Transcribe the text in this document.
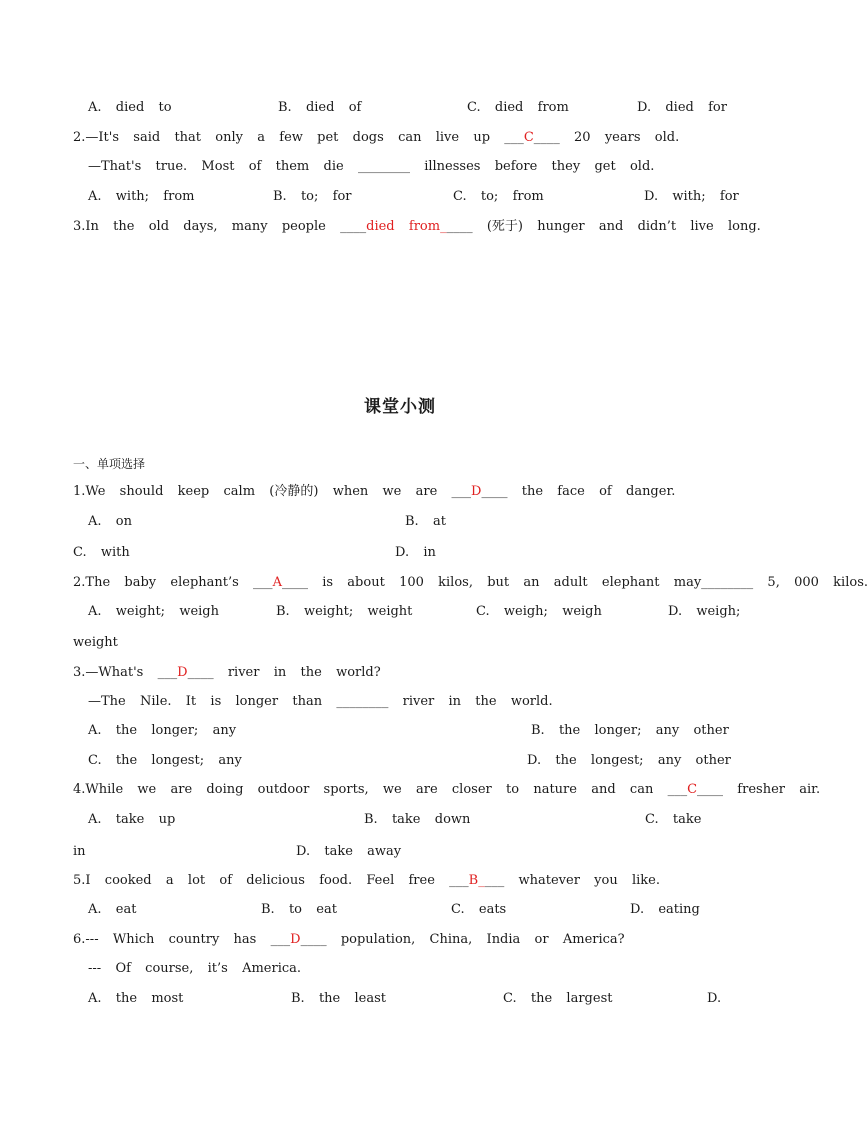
A.  died  to	B.  died  of	C.  died  from	D.  died  for
2.—It's  said  that  only  a  few  pet  dogs  can  live  up  ___C____  20  years  old.
—That's  true.  Most  of  them  die  ________  illnesses  before  they  get  old.
A.  with;  from	B.  to;  for	C.  to;  from	D.  with;  for
3.In  the  old  days,  many  people  ____died  from_____  (死于)  hunger  and  didn’t  live  long.
课堂小测
一、单项选择
1.We  should  keep  calm  (冷静的)  when  we  are  ___D____  the  face  of  danger.
A.  on	B.  at
C.  with	D.  in
2.The  baby  elephant’s  ___A____  is  about  100  kilos,  but  an  adult  elephant  may________  5,  000  kilos.
A.  weight;  weigh	B.  weight;  weight	C.  weigh;  weigh	D.  weigh;
weight
3.—What's  ___D____  river  in  the  world?
—The  Nile.  It  is  longer  than  ________  river  in  the  world.
A.  the  longer;  any	B.  the  longer;  any  other
C.  the  longest;  any	D.  the  longest;  any  other
4.While  we  are  doing  outdoor  sports,  we  are  closer  to  nature  and  can  ___C____  fresher  air.
A.  take  up	B.  take  down	C.  take
in	D.  take  away
5.I  cooked  a  lot  of  delicious  food.  Feel  free  ___B____  whatever  you  like.
A.  eat	B.  to  eat	C.  eats	D.  eating
6.---  Which  country  has  ___D____  population,  China,  India  or  America?
---  Of  course,  it’s  America.
A.  the  most	B.  the  least	C.  the  largest	D.
